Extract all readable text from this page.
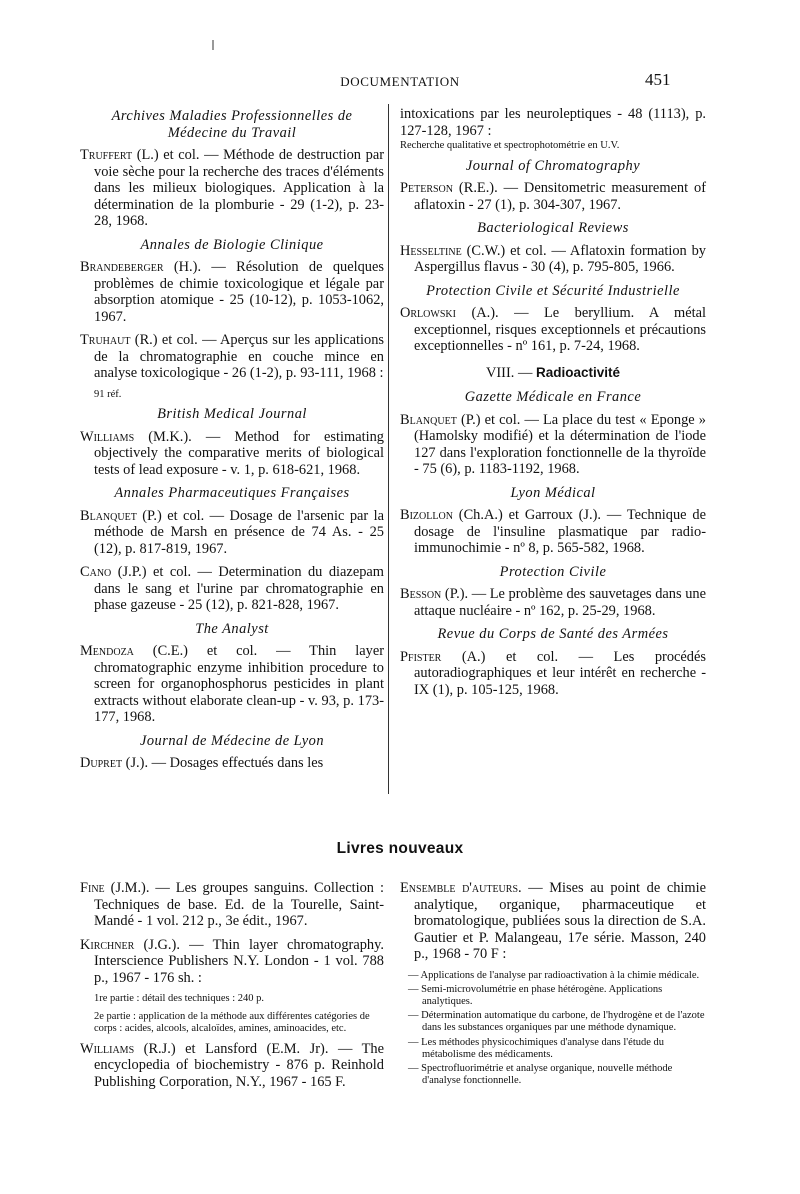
DOCUMENTATION	451
Archives Maladies Professionnelles de Médecine du Travail
Truffert (L.) et col. — Méthode de destruction par voie sèche pour la recherche des traces d'éléments dans les milieux biologiques. Application à la détermination de la plomburie - 29 (1-2), p. 23-28, 1968.
Annales de Biologie Clinique
Brandeberger (H.). — Résolution de quelques problèmes de chimie toxicologique et légale par absorption atomique - 25 (10-12), p. 1053-1062, 1967.
Truhaut (R.) et col. — Aperçus sur les applications de la chromatographie en couche mince en analyse toxicologique - 26 (1-2), p. 93-111, 1968 :
91 réf.
British Medical Journal
Williams (M.K.). — Method for estimating objectively the comparative merits of biological tests of lead exposure - v. 1, p. 618-621, 1968.
Annales Pharmaceutiques Françaises
Blanquet (P.) et col. — Dosage de l'arsenic par la méthode de Marsh en présence de 74 As. - 25 (12), p. 817-819, 1967.
Cano (J.P.) et col. — Determination du diazepam dans le sang et l'urine par chromatographie en phase gazeuse - 25 (12), p. 821-828, 1967.
The Analyst
Mendoza (C.E.) et col. — Thin layer chromatographic enzyme inhibition procedure to screen for organophosphorus pesticides in plant extracts without elaborate clean-up - v. 93, p. 173-177, 1968.
Journal de Médecine de Lyon
Dupret (J.). — Dosages effectués dans les
intoxications par les neuroleptiques - 48 (1113), p. 127-128, 1967 :
Recherche qualitative et spectrophotométrie en U.V.
Journal of Chromatography
Peterson (R.E.). — Densitometric measurement of aflatoxin - 27 (1), p. 304-307, 1967.
Bacteriological Reviews
Hesseltine (C.W.) et col. — Aflatoxin formation by Aspergillus flavus - 30 (4), p. 795-805, 1966.
Protection Civile et Sécurité Industrielle
Orlowski (A.). — Le beryllium. A métal exceptionnel, risques exceptionnels et précautions exceptionnelles - nº 161, p. 7-24, 1968.
VIII. — Radioactivité
Gazette Médicale en France
Blanquet (P.) et col. — La place du test « Eponge » (Hamolsky modifié) et la détermination de l'iode 127 dans l'exploration fonctionnelle de la thyroïde - 75 (6), p. 1183-1192, 1968.
Lyon Médical
Bizollon (Ch.A.) et Garroux (J.). — Technique de dosage de l'insuline plasmatique par radio-immunochimie - nº 8, p. 565-582, 1968.
Protection Civile
Besson (P.). — Le problème des sauvetages dans une attaque nucléaire - nº 162, p. 25-29, 1968.
Revue du Corps de Santé des Armées
Pfister (A.) et col. — Les procédés autoradiographiques et leur intérêt en recherche - IX (1), p. 105-125, 1968.
Livres nouveaux
Fine (J.M.). — Les groupes sanguins. Collection : Techniques de base. Ed. de la Tourelle, Saint-Mandé - 1 vol. 212 p., 3e édit., 1967.
Kirchner (J.G.). — Thin layer chromatography. Interscience Publishers N.Y. London - 1 vol. 788 p., 1967 - 176 sh. :
1re partie : détail des techniques : 240 p.
2e partie : application de la méthode aux différentes catégories de corps : acides, alcools, alcaloïdes, amines, aminoacides, etc.
Williams (R.J.) et Lansford (E.M. Jr). — The encyclopedia of biochemistry - 876 p. Reinhold Publishing Corporation, N.Y., 1967 - 165 F.
Ensemble d'auteurs. — Mises au point de chimie analytique, organique, pharmaceutique et bromatologique, publiées sous la direction de S.A. Gautier et P. Malangeau, 17e série. Masson, 240 p., 1968 - 70 F :
— Applications de l'analyse par radioactivation à la chimie médicale.
— Semi-microvolumétrie en phase hétérogène. Applications analytiques.
— Détermination automatique du carbone, de l'hydrogène et de l'azote dans les substances organiques par une méthode dynamique.
— Les méthodes physicochimiques d'analyse dans l'étude du métabolisme des médicaments.
— Spectrofluorimétrie et analyse organique, nouvelle méthode d'analyse fonctionnelle.
